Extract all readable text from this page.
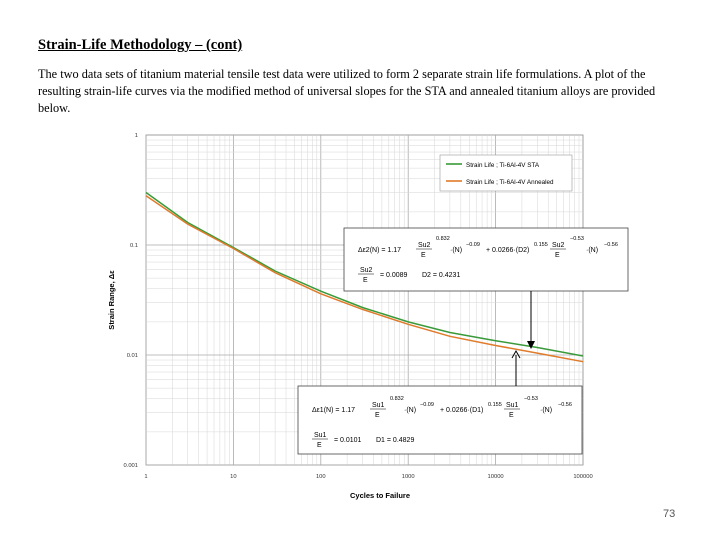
Strain-Life Methodology – (cont)
The two data sets of titanium material tensile test data were utilized to form 2 separate strain life formulations. A plot of the resulting strain-life curves via the modified method of universal slopes for the STA and annealed titanium alloys are provided below.
1	10	100	1000	10000	100000
1
0.1
0.01
0.001
Cycles to Failure
Strain Range, Δε
Strain Life ; Ti-6Al-4V STA
Strain Life ; Ti-6Al-4V Annealed
Δε2(N) = 1.17
Su2
E
0.832
·(N)
−0.09
+ 0.0266·(D2)
0.155 Su2
E
−0.53
·(N)
−0.56
Su2
E
= 0.0089 D2 = 0.4231
Δε1(N) = 1.17
Su1
E
0.832
·(N)
−0.09
+ 0.0266·(D1)
0.155 Su1
E
−0.53
·(N)
−0.56
Su1
E
= 0.0101 D1 = 0.4829
73
